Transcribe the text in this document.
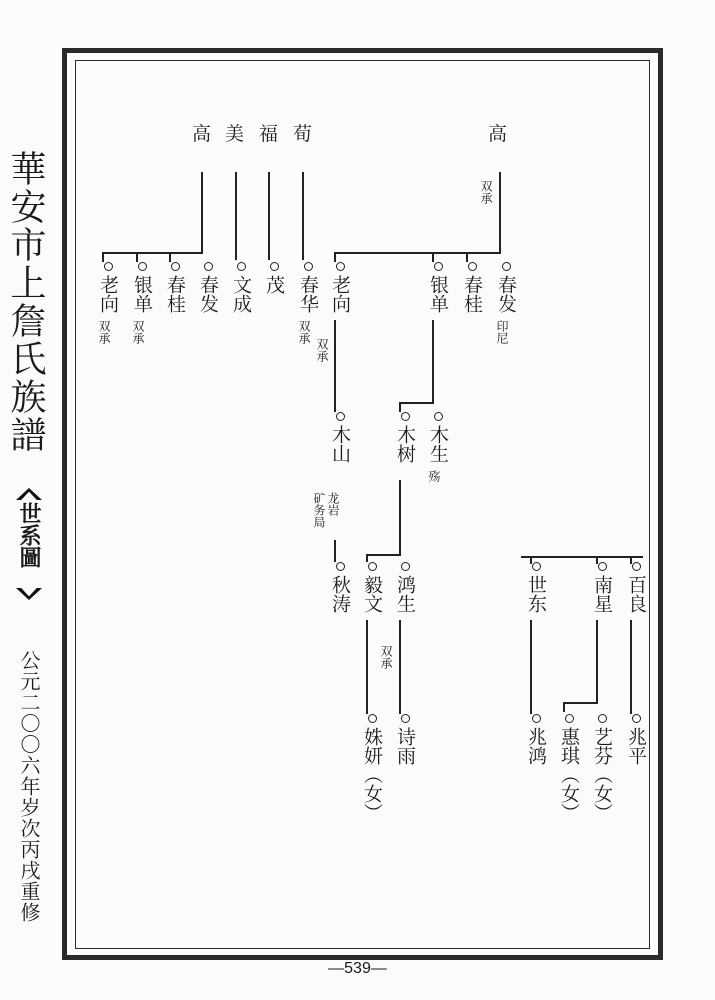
華安市上詹氏族譜
世系圖
公元二〇〇六年岁次丙戌重修
高 美 福 荀	高
双承
老向
双承
银单
双承
春桂 春发 文成 茂 春华
双承
老向
双承
银单 春桂 春发
印尼
木山
龙岩
矿务局
木树 木生
殇
秋涛 毅文
双承
鸿生	世东	南星 百良
姝妍（女）
诗雨	兆鸿 惠琪（女）
艺芬（女）
兆平
—539—
